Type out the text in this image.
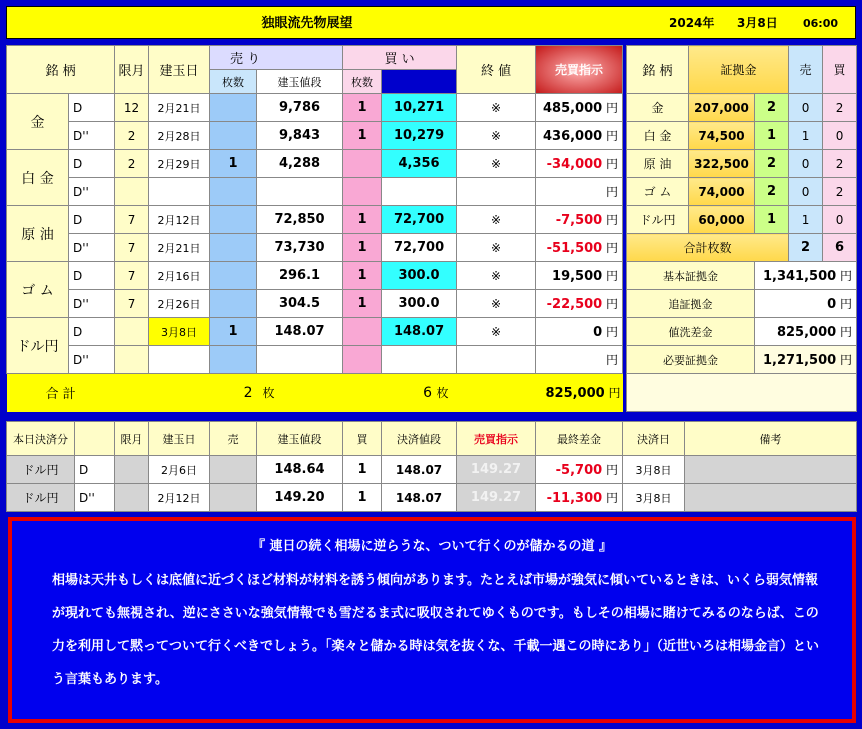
独眼流先物展望	2024年 3月8日 06:00
銘 柄		限月	建玉日	売 り		買 い		終 値	売買指示	
				枚数	建玉値段	枚数				
金	D	12	2月21日		9,786	1	10,271	※	485,000 円	
	D''	2	2月28日		9,843	1	10,279	※	436,000 円	
白 金	D	2	2月29日	1	4,288		4,356	※	-34,000 円	
	D''								円	
原 油	D	7	2月12日		72,850	1	72,700	※	-7,500 円	
	D''	7	2月21日		73,730	1	72,700	※	-51,500 円	
ゴ ム	D	7	2月16日		296.1	1	300.0	※	19,500 円	
	D''	7	2月26日		304.5	1	300.0	※	-22,500 円	
ドル円	D		3月8日	1	148.07		148.07	※	0 円	
	D''								円	
合 計		2			枚	6 枚			825,000 円	
銘 柄	証拠金		売	買
金	207,000	2	0	2
白 金	74,500	1	1	0
原 油	322,500	2	0	2
ゴ ム	74,000	2	0	2
ドル円	60,000	1	1	0
合計枚数			2	6
基本証拠金		1,341,500 円		
追証拠金		0 円		
値洗差金		825,000 円		
必要証拠金		1,271,500 円		

本日決済分		限月	建玉日	売	建玉値段	買	決済値段	売買指示	最終差金	決済日	備考
ドル円	D		2月6日		148.64	1	148.07	149.27	-5,700 円	3月8日	
ドル円	D''		2月12日		149.20	1	148.07	149.27	-11,300 円	3月8日	
『 連日の続く相場に逆らうな、ついて行くのが儲かるの道 』
相場は天井もしくは底値に近づくほど材料が材料を誘う傾向があります。たとえば市場が強気に傾いているときは、いくら弱気情報が現れても無視され、逆にささいな強気情報でも雪だるま式に吸収されてゆくものです。もしその相場に賭けてみるのならば、この力を利用して黙ってついて行くべきでしょう。「楽々と儲かる時は気を抜くな、千載一遇この時にあり」（近世いろは相場金言）という言葉もあります。
